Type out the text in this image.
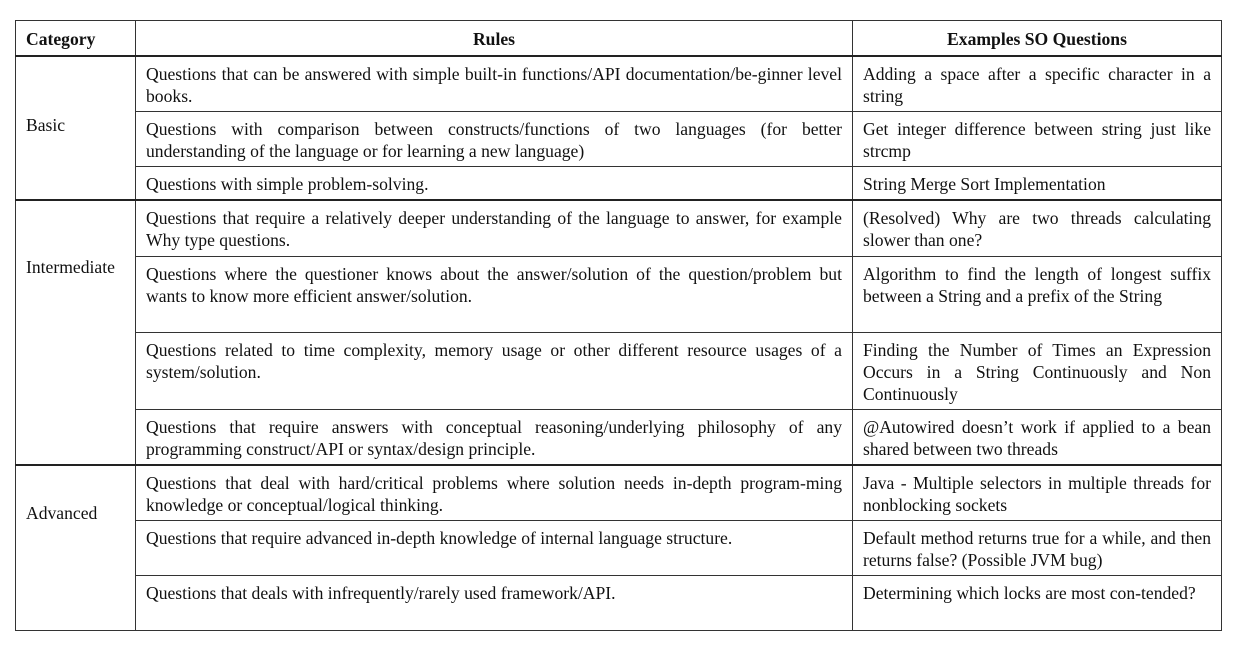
Category	Rules	Examples SO Questions
Basic	Questions that can be answered with simple built-in functions/API documentation/be-ginner level books.	Adding a space after a specific character in a string
	Questions with comparison between constructs/functions of two languages (for better understanding of the language or for learning a new language)	Get integer difference between string just like strcmp
	Questions with simple problem-solving.	String Merge Sort Implementation
Intermediate	Questions that require a relatively deeper understanding of the language to answer, for example Why type questions.	(Resolved) Why are two threads calculating slower than one?
	Questions where the questioner knows about the answer/solution of the question/problem but wants to know more efficient answer/solution.	Algorithm to find the length of longest suffix between a String and a prefix of the String
	Questions related to time complexity, memory usage or other different resource usages of a system/solution.	Finding the Number of Times an Expression Occurs in a String Continuously and Non Continuously
	Questions that require answers with conceptual reasoning/underlying philosophy of any programming construct/API or syntax/design principle.	@Autowired doesn’t work if applied to a bean shared between two threads
Advanced	Questions that deal with hard/critical problems where solution needs in-depth program-ming knowledge or conceptual/logical thinking.	Java - Multiple selectors in multiple threads for nonblocking sockets
	Questions that require advanced in-depth knowledge of internal language structure.	Default method returns true for a while, and then returns false? (Possible JVM bug)
	Questions that deals with infrequently/rarely used framework/API.	Determining which locks are most con-tended?
